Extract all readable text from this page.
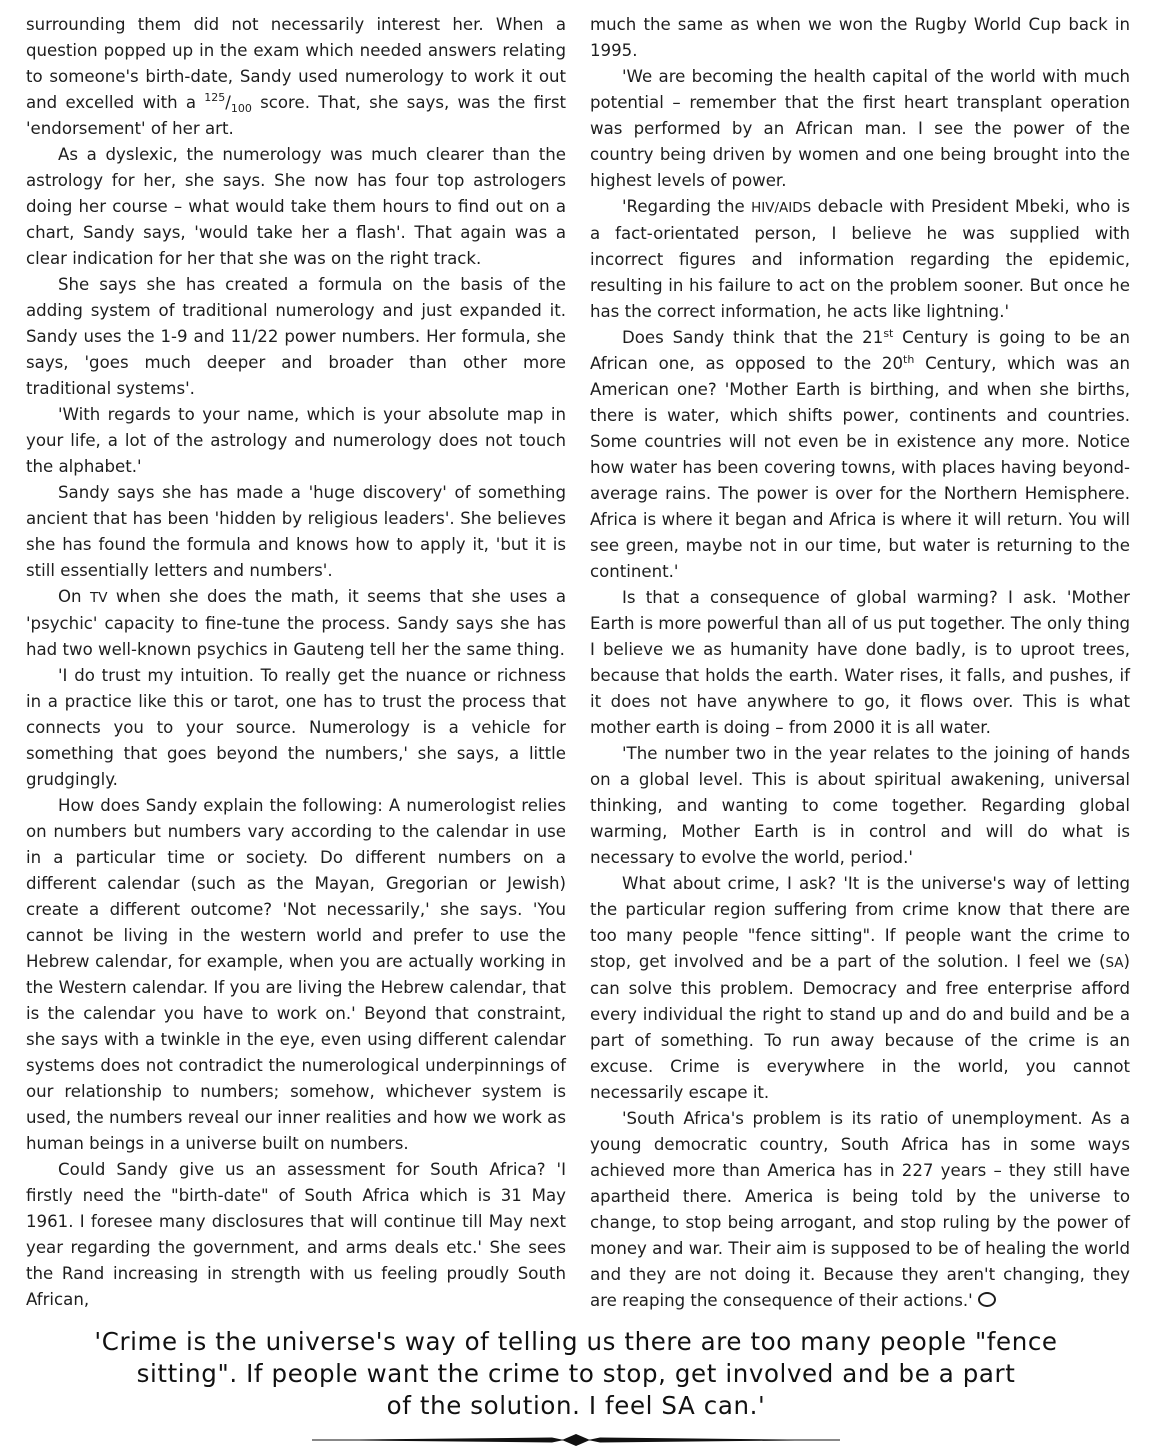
surrounding them did not necessarily interest her. When a question popped up in the exam which needed answers relating to someone's birth-date, Sandy used numerology to work it out and excelled with a $^{125}/_{100}$ score. That, she says, was the first 'endorsement' of her art.

As a dyslexic, the numerology was much clearer than the astrology for her, she says. She now has four top astrologers doing her course – what would take them hours to find out on a chart, Sandy says, 'would take her a flash'. That again was a clear indication for her that she was on the right track.

She says she has created a formula on the basis of the adding system of traditional numerology and just expanded it. Sandy uses the 1-9 and 11/22 power numbers. Her formula, she says, 'goes much deeper and broader than other more traditional systems'.

'With regards to your name, which is your absolute map in your life, a lot of the astrology and numerology does not touch the alphabet.'

Sandy says she has made a 'huge discovery' of something ancient that has been 'hidden by religious leaders'. She believes she has found the formula and knows how to apply it, 'but it is still essentially letters and numbers'.

On TV when she does the math, it seems that she uses a 'psychic' capacity to fine-tune the process. Sandy says she has had two well-known psychics in Gauteng tell her the same thing.

'I do trust my intuition. To really get the nuance or richness in a practice like this or tarot, one has to trust the process that connects you to your source. Numerology is a vehicle for something that goes beyond the numbers,' she says, a little grudgingly.

How does Sandy explain the following: A numerologist relies on numbers but numbers vary according to the calendar in use in a particular time or society. Do different numbers on a different calendar (such as the Mayan, Gregorian or Jewish) create a different outcome? 'Not necessarily,' she says. 'You cannot be living in the western world and prefer to use the Hebrew calendar, for example, when you are actually working in the Western calendar. If you are living the Hebrew calendar, that is the calendar you have to work on.' Beyond that constraint, she says with a twinkle in the eye, even using different calendar systems does not contradict the numerological underpinnings of our relationship to numbers; somehow, whichever system is used, the numbers reveal our inner realities and how we work as human beings in a universe built on numbers.

Could Sandy give us an assessment for South Africa? 'I firstly need the "birth-date" of South Africa which is 31 May 1961. I foresee many disclosures that will continue till May next year regarding the government, and arms deals etc.' She sees the Rand increasing in strength with us feeling proudly South African,

much the same as when we won the Rugby World Cup back in 1995.

'We are becoming the health capital of the world with much potential – remember that the first heart transplant operation was performed by an African man. I see the power of the country being driven by women and one being brought into the highest levels of power.

'Regarding the HIV/AIDS debacle with President Mbeki, who is a fact-orientated person, I believe he was supplied with incorrect figures and information regarding the epidemic, resulting in his failure to act on the problem sooner. But once he has the correct information, he acts like lightning.'

Does Sandy think that the 21st Century is going to be an African one, as opposed to the 20th Century, which was an American one? 'Mother Earth is birthing, and when she births, there is water, which shifts power, continents and countries. Some countries will not even be in existence any more. Notice how water has been covering towns, with places having beyond-average rains. The power is over for the Northern Hemisphere. Africa is where it began and Africa is where it will return. You will see green, maybe not in our time, but water is returning to the continent.'

Is that a consequence of global warming? I ask. 'Mother Earth is more powerful than all of us put together. The only thing I believe we as humanity have done badly, is to uproot trees, because that holds the earth. Water rises, it falls, and pushes, if it does not have anywhere to go, it flows over. This is what mother earth is doing – from 2000 it is all water.

'The number two in the year relates to the joining of hands on a global level. This is about spiritual awakening, universal thinking, and wanting to come together. Regarding global warming, Mother Earth is in control and will do what is necessary to evolve the world, period.'

What about crime, I ask? 'It is the universe's way of letting the particular region suffering from crime know that there are too many people "fence sitting". If people want the crime to stop, get involved and be a part of the solution. I feel we (SA) can solve this problem. Democracy and free enterprise afford every individual the right to stand up and do and build and be a part of something. To run away because of the crime is an excuse. Crime is everywhere in the world, you cannot necessarily escape it.

'South Africa's problem is its ratio of unemployment. As a young democratic country, South Africa has in some ways achieved more than America has in 227 years – they still have apartheid there. America is being told by the universe to change, to stop being arrogant, and stop ruling by the power of money and war. Their aim is supposed to be of healing the world and they are not doing it. Because they aren't changing, they are reaping the consequence of their actions.'

'Crime is the universe's way of telling us there are too many people "fence
sitting". If people want the crime to stop, get involved and be a part
of the solution. I feel SA can.'
